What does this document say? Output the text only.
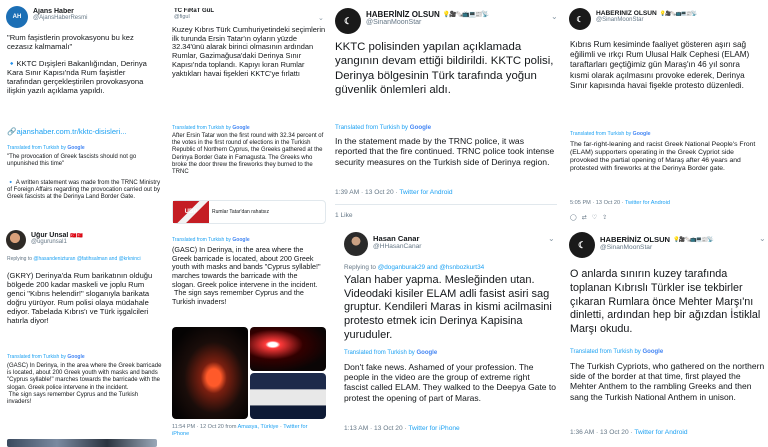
AH
Ajans Haber
@AjansHaberResmi
"Rum faşistlerin provokasyonu bu kez cezasız kalmamalı"
🔹KKTC Dışişleri Bakanlığından, Derinya Kara Sınır Kapısı'nda Rum faşistler tarafından gerçekleştirilen provokasyona ilişkin yazılı açıklama yapıldı.
🔗ajanshaber.com.tr/kktc-disisleri...
Translated from Turkish by Google
"The provocation of Greek fascists should not go unpunished this time"
🔹 A written statement was made from the TRNC Ministry of Foreign Affairs regarding the provocation carried out by Greek fascists at the Derinya Land Border Gate.
Uğur Ünsal 🇹🇷🇹🇷
@ugurunsal1
Replying to @hasandenizturan @fatihsalman and @krkninci
(GKRY) Derinya'da Rum barikatının olduğu bölgede 200 kadar maskeli ve joplu Rum genci "Kıbrıs helendir!" sloganıyla barikata doğru yürüyor. Rum polisi olaya müdahale ediyor. Tabelada Kıbrıs'ı ve Türk işgalcileri hatırla diyor!
Translated from Turkish by Google
(GASC) In Derinya, in the area where the Greek barricade is located, about 200 Greek youth with masks and bands "Cyprus syllable!" marches towards the barricade with the slogan. Greek police intervene in the incident.
The sign says remember Cyprus and the Turkish invaders!
TC FıRaT GüL
@figul	⌄
Kuzey Kıbrıs Türk Cumhuriyetindeki seçimlerin ilk turunda Ersin Tatar'ın oyların yüzde 32.34'ünü alarak birinci olmasının ardından Rumlar, Gazimağusa'daki Derinya Sınır Kapısı'nda toplandı. Kapıyı kıran Rumlar yaktıkları havai fişekleri KKTC'ye fırlattı
Translated from Turkish by Google
After Ersin Tatar won the first round with 32.34 percent of the votes in the first round of elections in the Turkish Republic of Northern Cyprus, the Greeks gathered at the Derinya Border Gate in Famagusta. The Greeks who broke the door threw the fireworks they burned to the TRNC
UBP	Rumlar Tatar'dan rahatsız
Translated from Turkish by Google
(GASC) In Derinya, in the area where the Greek barricade is located, about 200 Greek youth with masks and bands "Cyprus syllable!" marches towards the barricade with the slogan. Greek police intervene in the incident.
The sign says remember Cyprus and the Turkish invaders!
11:54 PM · 12 Oct 20 from Amasya, Türkiye · Twitter for iPhone
☾
HABERİNİZ OLSUN 💡🎥🗞️📺💻📰📡
@SinanMoonStar
⌄
KKTC polisinden yapılan açıklamada yangının devam ettiği bildirildi. KKTC polisi, Derinya bölgesinin Türk tarafında yoğun güvenlik önlemleri aldı.
Translated from Turkish by Google
In the statement made by the TRNC police, it was reported that the fire continued. TRNC police took intense security measures on the Turkish side of Derinya region.
1:39 AM · 13 Oct 20 · Twitter for Android
1 Like
Hasan Canar
@HHasanCanar
⌄
Replying to @doganburak29 and @hsnbozkurt34
Yalan haber yapma. Mesleğinden utan. Videodaki kisiler ELAM adli fasist asiri sag gruptur. Kendileri Maras in kismi acilmasini protesto etmek icin Derinya Kapisina yuruduler.
Translated from Turkish by Google
Don't fake news. Ashamed of your profession. The people in the video are the group of extreme right fascist called ELAM. They walked to the Deepya Gate to protest the opening of part of Maras.
1:13 AM · 13 Oct 20 · Twitter for iPhone
☾
HABERİNİZ OLSUN 💡🎥🗞️📺💻📰📡
@SinanMoonStar
Kıbrıs Rum kesiminde faaliyet gösteren aşırı sağ eğilimli ve ırkçı Rum Ulusal Halk Cephesi (ELAM) taraftarları geçtiğimiz gün Maraş'ın 46 yıl sonra kısmi olarak açılmasını provoke ederek, Derinya Sınır kapısında havai fişekle protesto düzenledi.
Translated from Turkish by Google
The far-right-leaning and racist Greek National People's Front (ELAM) supporters operating in the Greek Cypriot side provoked the partial opening of Maraş after 46 years and protested with fireworks at the Derinya Border gate.
5:05 PM · 13 Oct 20 · Twitter for Android
◯ ⇄ ♡ ⇪
☾	HABERİNİZ OLSUN 💡🎥🗞️📺💻📰📡
@SinanMoonStar
⌄
O anlarda sınırın kuzey tarafında toplanan Kıbrıslı Türkler ise tekbirler çıkaran Rumlara önce Mehter Marşı'nı dinletti, ardından hep bir ağızdan İstiklal Marşı okudu.
Translated from Turkish by Google
The Turkish Cypriots, who gathered on the northern side of the border at that time, first played the Mehter Anthem to the rambling Greeks and then sang the Turkish National Anthem in unison.
1:36 AM · 13 Oct 20 · Twitter for Android
